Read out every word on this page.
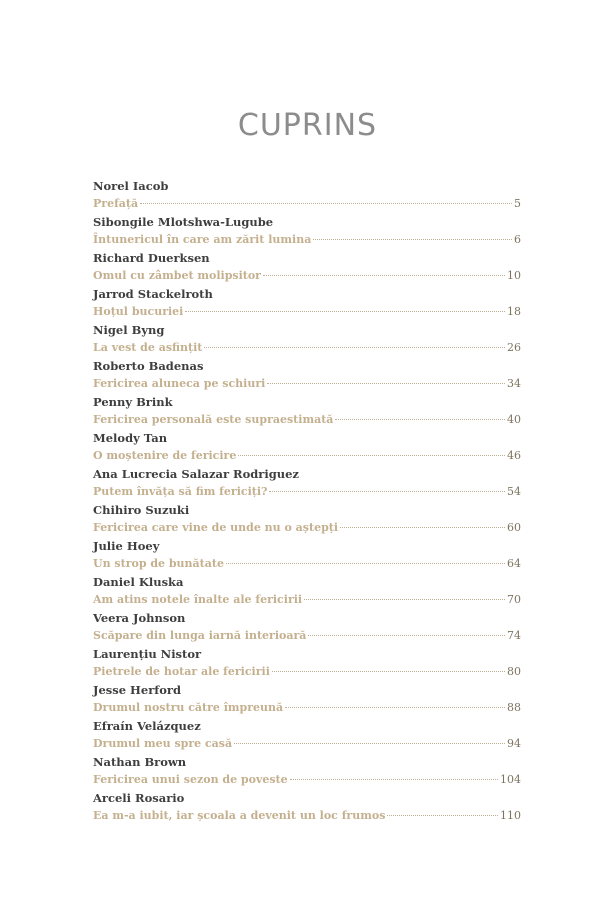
CUPRINS
Norel Iacob
Prefață	5
Sibongile Mlotshwa-Lugube
Întunericul în care am zărit lumina	6
Richard Duerksen
Omul cu zâmbet molipsitor	10
Jarrod Stackelroth
Hoțul bucuriei	18
Nigel Byng
La vest de asfințit	26
Roberto Badenas
Fericirea aluneca pe schiuri	34
Penny Brink
Fericirea personală este supraestimată	40
Melody Tan
O moștenire de fericire	46
Ana Lucrecia Salazar Rodriguez
Putem învăța să fim fericiți?	54
Chihiro Suzuki
Fericirea care vine de unde nu o aștepți	60
Julie Hoey
Un strop de bunătate	64
Daniel Kluska
Am atins notele înalte ale fericirii	70
Veera Johnson
Scăpare din lunga iarnă interioară	74
Laurențiu Nistor
Pietrele de hotar ale fericirii	80
Jesse Herford
Drumul nostru către împreună	88
Efraín Velázquez
Drumul meu spre casă	94
Nathan Brown
Fericirea unui sezon de poveste	104
Arceli Rosario
Ea m-a iubit, iar școala a devenit un loc frumos	110
